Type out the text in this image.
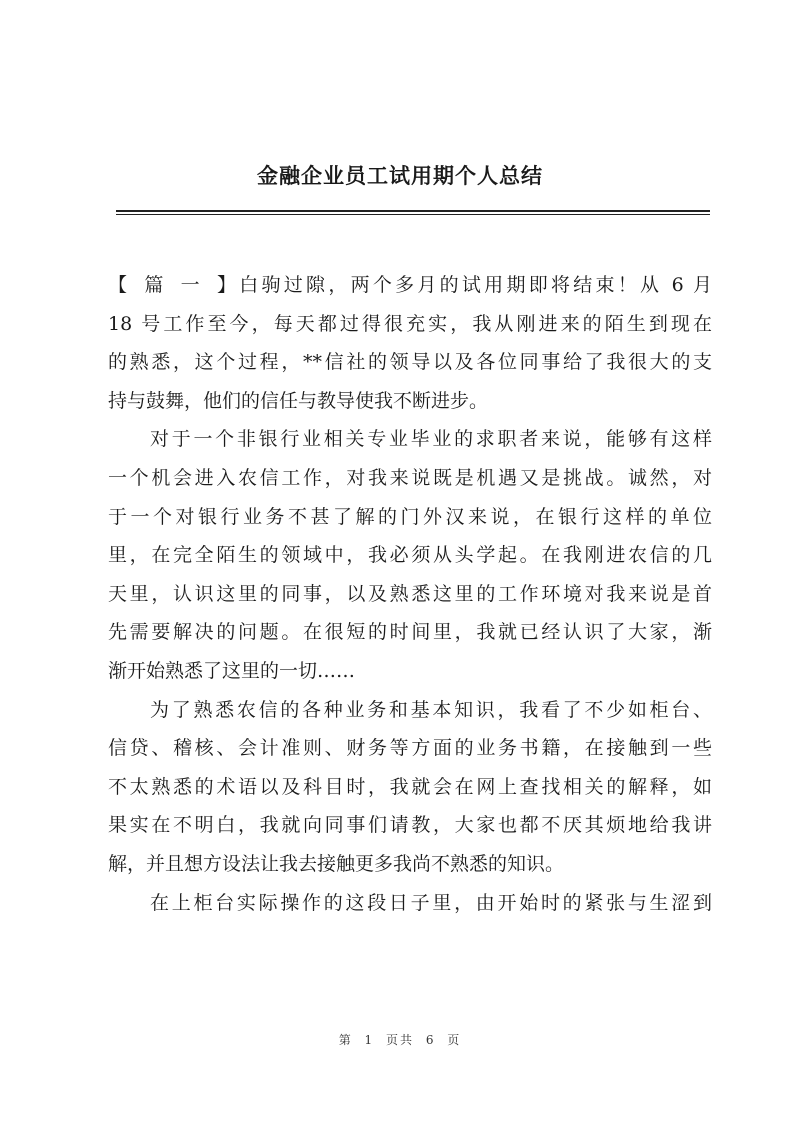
金融企业员工试用期个人总结
【篇一】白驹过隙，两个多月的试用期即将结束！从 6 月
18 号工作至今，每天都过得很充实，我从刚进来的陌生到现在
的熟悉，这个过程，**信社的领导以及各位同事给了我很大的支
持与鼓舞，他们的信任与教导使我不断进步。
对于一个非银行业相关专业毕业的求职者来说，能够有这样
一个机会进入农信工作，对我来说既是机遇又是挑战。诚然，对
于一个对银行业务不甚了解的门外汉来说，在银行这样的单位
里，在完全陌生的领域中，我必须从头学起。在我刚进农信的几
天里，认识这里的同事，以及熟悉这里的工作环境对我来说是首
先需要解决的问题。在很短的时间里，我就已经认识了大家，渐
渐开始熟悉了这里的一切……
为了熟悉农信的各种业务和基本知识，我看了不少如柜台、
信贷、稽核、会计准则、财务等方面的业务书籍，在接触到一些
不太熟悉的术语以及科目时，我就会在网上查找相关的解释，如
果实在不明白，我就向同事们请教，大家也都不厌其烦地给我讲
解，并且想方设法让我去接触更多我尚不熟悉的知识。
在上柜台实际操作的这段日子里，由开始时的紧张与生涩到
第 1 页共 6 页
